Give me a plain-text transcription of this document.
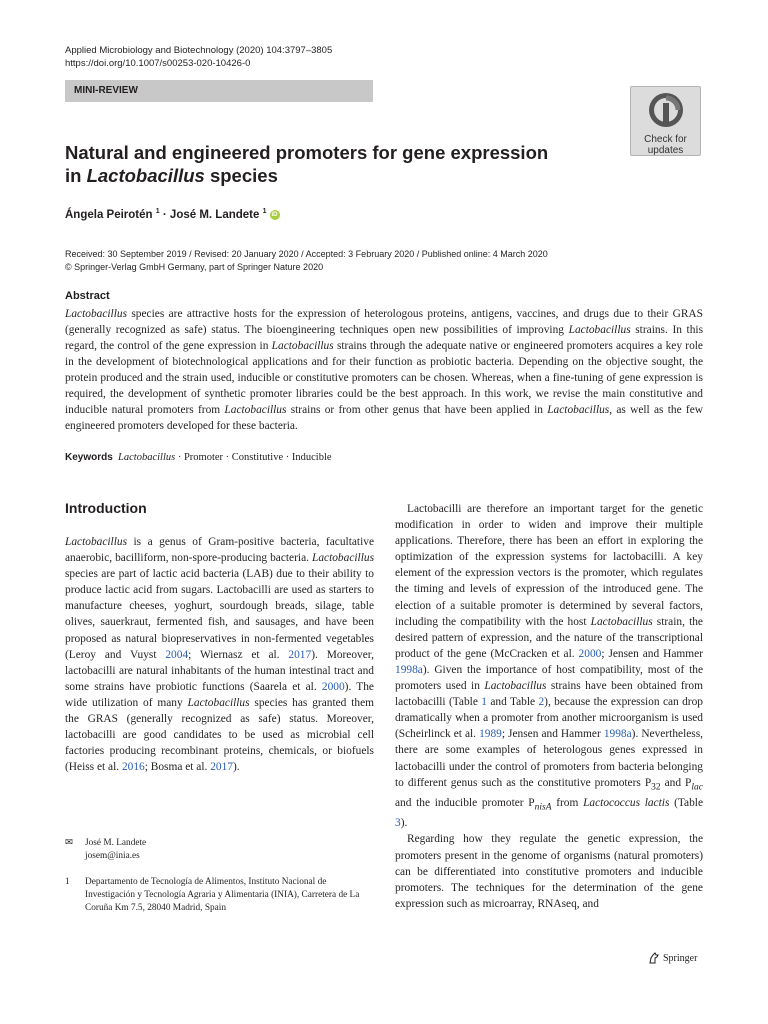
Applied Microbiology and Biotechnology (2020) 104:3797–3805
https://doi.org/10.1007/s00253-020-10426-0
MINI-REVIEW
Check for
updates
Natural and engineered promoters for gene expression
in Lactobacillus species
Ángela Peirotén $^1$ · José M. Landete $^1$ iD
Received: 30 September 2019 / Revised: 20 January 2020 / Accepted: 3 February 2020 / Published online: 4 March 2020
© Springer-Verlag GmbH Germany, part of Springer Nature 2020
Abstract
Lactobacillus species are attractive hosts for the expression of heterologous proteins, antigens, vaccines, and drugs due to their GRAS (generally recognized as safe) status. The bioengineering techniques open new possibilities of improving Lactobacillus strains. In this regard, the control of the gene expression in Lactobacillus strains through the adequate native or engineered promoters acquires a key role in the development of biotechnological applications and for their function as probiotic bacteria. Depending on the objective sought, the protein produced and the strain used, inducible or constitutive promoters can be chosen. Whereas, when a fine-tuning of gene expression is required, the development of synthetic promoter libraries could be the best approach. In this work, we revise the main constitutive and inducible natural promoters from Lactobacillus strains or from other genus that have been applied in Lactobacillus, as well as the few engineered promoters developed for these bacteria.
Keywords Lactobacillus · Promoter · Constitutive · Inducible
Introduction
Lactobacillus is a genus of Gram-positive bacteria, facultative anaerobic, bacilliform, non-spore-producing bacteria. Lactobacillus species are part of lactic acid bacteria (LAB) due to their ability to produce lactic acid from sugars. Lactobacilli are used as starters to manufacture cheeses, yoghurt, sourdough breads, silage, table olives, sauerkraut, fermented fish, and sausages, and have been proposed as natural biopreservatives in non-fermented vegetables (Leroy and Vuyst 2004; Wiernasz et al. 2017). Moreover, lactobacilli are natural inhabitants of the human intestinal tract and some strains have probiotic functions (Saarela et al. 2000). The wide utilization of many Lactobacillus species has granted them the GRAS (generally recognized as safe) status. Moreover, lactobacilli are good candidates to be used as microbial cell factories producing recombinant proteins, chemicals, or biofuels (Heiss et al. 2016; Bosma et al. 2017).
Lactobacilli are therefore an important target for the genetic modification in order to widen and improve their multiple applications. Therefore, there has been an effort in exploring the optimization of the expression systems for lactobacilli. A key element of the expression vectors is the promoter, which regulates the timing and levels of expression of the introduced gene. The election of a suitable promoter is determined by several factors, including the compatibility with the host Lactobacillus strain, the desired pattern of expression, and the nature of the transcriptional product of the gene (McCracken et al. 2000; Jensen and Hammer 1998a). Given the importance of host compatibility, most of the promoters used in Lactobacillus strains have been obtained from lactobacilli (Table 1 and Table 2), because the expression can drop dramatically when a promoter from another microorganism is used (Scheirlinck et al. 1989; Jensen and Hammer 1998a). Nevertheless, there are some examples of heterologous genes expressed in lactobacilli under the control of promoters from bacteria belonging to different genus such as the constitutive promoters $P_{32}$ and $P_{lac}$ and the inducible promoter $P_{nisA}$ from Lactococcus lactis (Table 3).
Regarding how they regulate the genetic expression, the promoters present in the genome of organisms (natural promoters) can be differentiated into constitutive promoters and inducible promoters. The techniques for the determination of the gene expression such as microarray, RNAseq, and
✉	José M. Landete
josem@inia.es
1	Departamento de Tecnología de Alimentos, Instituto Nacional de Investigación y Tecnología Agraria y Alimentaria (INIA), Carretera de La Coruña Km 7.5, 28040 Madrid, Spain
Springer
